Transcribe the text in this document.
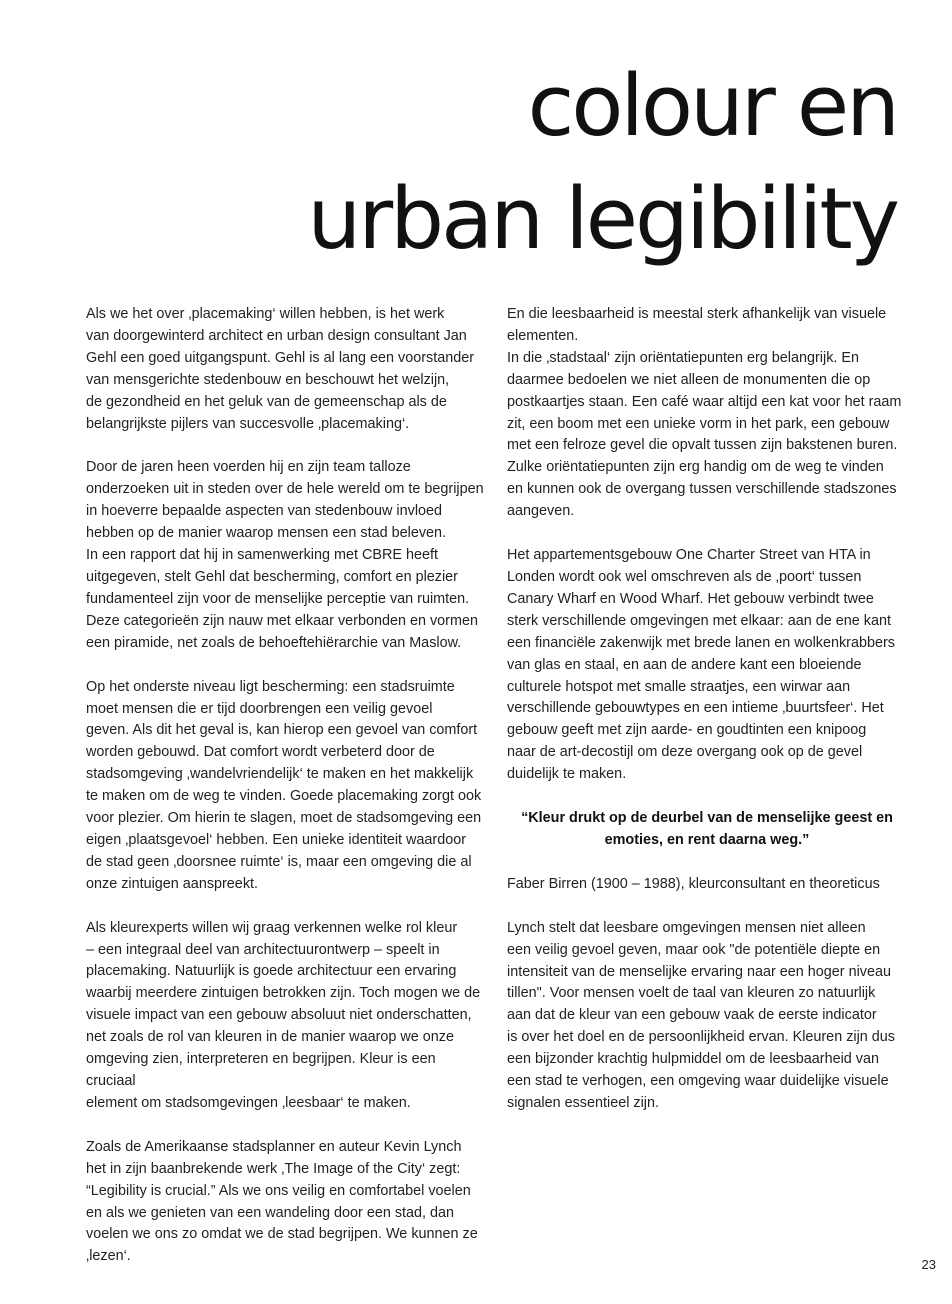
colour en
urban legibility

Als we het over ‚placemaking‘ willen hebben, is het werk
van doorgewinterd architect en urban design consultant Jan
Gehl een goed uitgangspunt. Gehl is al lang een voorstander
van mensgerichte stedenbouw en beschouwt het welzijn,
de gezondheid en het geluk van de gemeenschap als de
belangrijkste pijlers van succesvolle ‚placemaking‘.

Door de jaren heen voerden hij en zijn team talloze
onderzoeken uit in steden over de hele wereld om te begrijpen
in hoeverre bepaalde aspecten van stedenbouw invloed
hebben op de manier waarop mensen een stad beleven.
In een rapport dat hij in samenwerking met CBRE heeft
uitgegeven, stelt Gehl dat bescherming, comfort en plezier
fundamenteel zijn voor de menselijke perceptie van ruimten.
Deze categorieën zijn nauw met elkaar verbonden en vormen
een piramide, net zoals de behoeftehiërarchie van Maslow.

Op het onderste niveau ligt bescherming: een stadsruimte
moet mensen die er tijd doorbrengen een veilig gevoel
geven. Als dit het geval is, kan hierop een gevoel van comfort
worden gebouwd. Dat comfort wordt verbeterd door de
stadsomgeving ‚wandelvriendelijk‘ te maken en het makkelijk
te maken om de weg te vinden. Goede placemaking zorgt ook
voor plezier. Om hierin te slagen, moet de stadsomgeving een
eigen ‚plaatsgevoel‘ hebben. Een unieke identiteit waardoor
de stad geen ‚doorsnee ruimte‘ is, maar een omgeving die al
onze zintuigen aanspreekt.

Als kleurexperts willen wij graag verkennen welke rol kleur
– een integraal deel van architectuurontwerp – speelt in
placemaking. Natuurlijk is goede architectuur een ervaring
waarbij meerdere zintuigen betrokken zijn. Toch mogen we de
visuele impact van een gebouw absoluut niet onderschatten,
net zoals de rol van kleuren in de manier waarop we onze
omgeving zien, interpreteren en begrijpen. Kleur is een cruciaal
element om stadsomgevingen ‚leesbaar‘ te maken.

Zoals de Amerikaanse stadsplanner en auteur Kevin Lynch
het in zijn baanbrekende werk ‚The Image of the City‘ zegt:
“Legibility is crucial.” Als we ons veilig en comfortabel voelen
en als we genieten van een wandeling door een stad, dan
voelen we ons zo omdat we de stad begrijpen. We kunnen ze
‚lezen‘.

En die leesbaarheid is meestal sterk afhankelijk van visuele
elementen.
In die ‚stadstaal‘ zijn oriëntatiepunten erg belangrijk. En
daarmee bedoelen we niet alleen de monumenten die op
postkaartjes staan. Een café waar altijd een kat voor het raam
zit, een boom met een unieke vorm in het park, een gebouw
met een felroze gevel die opvalt tussen zijn bakstenen buren.
Zulke oriëntatiepunten zijn erg handig om de weg te vinden
en kunnen ook de overgang tussen verschillende stadszones
aangeven.

Het appartementsgebouw One Charter Street van HTA in
Londen wordt ook wel omschreven als de ‚poort‘ tussen
Canary Wharf en Wood Wharf. Het gebouw verbindt twee
sterk verschillende omgevingen met elkaar: aan de ene kant
een financiële zakenwijk met brede lanen en wolkenkrabbers
van glas en staal, en aan de andere kant een bloeiende
culturele hotspot met smalle straatjes, een wirwar aan
verschillende gebouwtypes en een intieme ‚buurtsfeer‘. Het
gebouw geeft met zijn aarde- en goudtinten een knipoog
naar de art-decostijl om deze overgang ook op de gevel
duidelijk te maken.

“Kleur drukt op de deurbel van de menselijke geest en
emoties, en rent daarna weg.”

Faber Birren (1900 – 1988), kleurconsultant en theoreticus

Lynch stelt dat leesbare omgevingen mensen niet alleen
een veilig gevoel geven, maar ook "de potentiële diepte en
intensiteit van de menselijke ervaring naar een hoger niveau
tillen". Voor mensen voelt de taal van kleuren zo natuurlijk
aan dat de kleur van een gebouw vaak de eerste indicator
is over het doel en de persoonlijkheid ervan. Kleuren zijn dus
een bijzonder krachtig hulpmiddel om de leesbaarheid van
een stad te verhogen, een omgeving waar duidelijke visuele
signalen essentieel zijn.

23
